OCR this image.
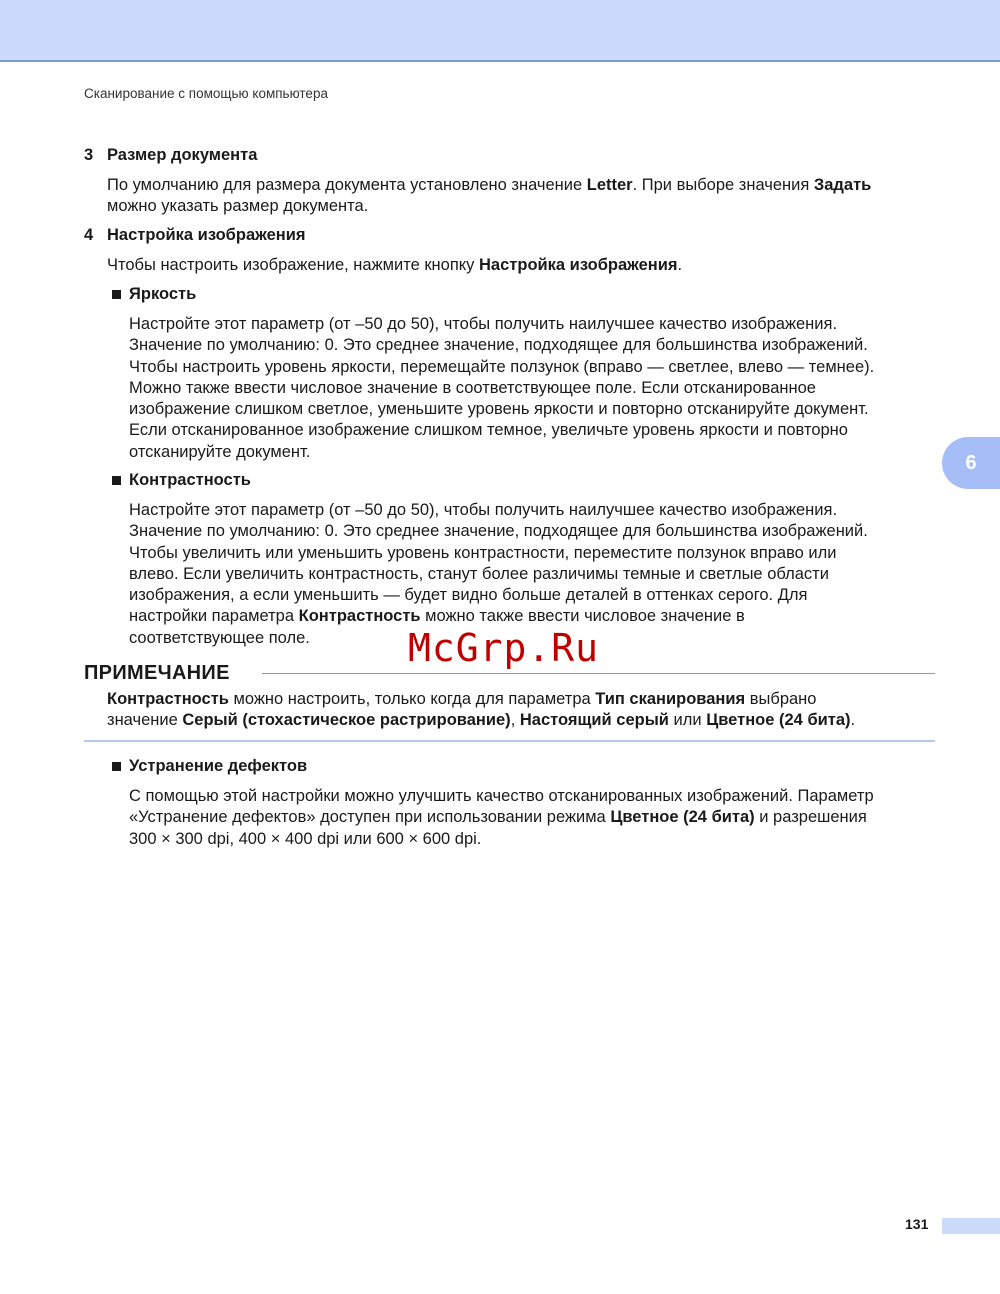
Сканирование с помощью компьютера
3 Размер документа

По умолчанию для размера документа установлено значение Letter. При выборе значения Задать
можно указать размер документа.

4 Настройка изображения

Чтобы настроить изображение, нажмите кнопку Настройка изображения.

Яркость

Настройте этот параметр (от –50 до 50), чтобы получить наилучшее качество изображения.
Значение по умолчанию: 0. Это среднее значение, подходящее для большинства изображений.
Чтобы настроить уровень яркости, перемещайте ползунок (вправо — светлее, влево — темнее).
Можно также ввести числовое значение в соответствующее поле. Если отсканированное
изображение слишком светлое, уменьшите уровень яркости и повторно отсканируйте документ.
Если отсканированное изображение слишком темное, увеличьте уровень яркости и повторно
отсканируйте документ.

Контрастность

Настройте этот параметр (от –50 до 50), чтобы получить наилучшее качество изображения.
Значение по умолчанию: 0. Это среднее значение, подходящее для большинства изображений.
Чтобы увеличить или уменьшить уровень контрастности, переместите ползунок вправо или
влево. Если увеличить контрастность, станут более различимы темные и светлые области
изображения, а если уменьшить — будет видно больше деталей в оттенках серого. Для
настройки параметра Контрастность можно также ввести числовое значение в
соответствующее поле.	McGrp.Ru
ПРИМЕЧАНИЕ

Контрастность можно настроить, только когда для параметра Тип сканирования выбрано
значение Серый (стохастическое растрирование), Настоящий серый или Цветное (24 бита).

Устранение дефектов

С помощью этой настройки можно улучшить качество отсканированных изображений. Параметр
«Устранение дефектов» доступен при использовании режима Цветное (24 бита) и разрешения
300 × 300 dpi, 400 × 400 dpi или 600 × 600 dpi.

6
131
